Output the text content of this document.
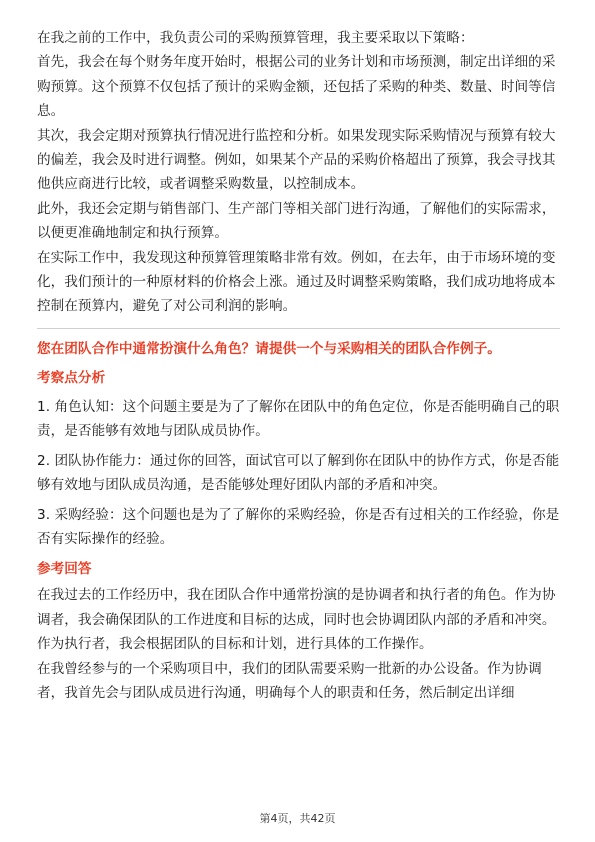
在我之前的工作中，我负责公司的采购预算管理，我主要采取以下策略：

首先，我会在每个财务年度开始时，根据公司的业务计划和市场预测，制定出详细的采购预算。这个预算不仅包括了预计的采购金额，还包括了采购的种类、数量、时间等信息。

其次，我会定期对预算执行情况进行监控和分析。如果发现实际采购情况与预算有较大的偏差，我会及时进行调整。例如，如果某个产品的采购价格超出了预算，我会寻找其他供应商进行比较，或者调整采购数量，以控制成本。

此外，我还会定期与销售部门、生产部门等相关部门进行沟通，了解他们的实际需求，以便更准确地制定和执行预算。

在实际工作中，我发现这种预算管理策略非常有效。例如，在去年，由于市场环境的变化，我们预计的一种原材料的价格会上涨。通过及时调整采购策略，我们成功地将成本控制在预算内，避免了对公司利润的影响。

您在团队合作中通常扮演什么角色？请提供一个与采购相关的团队合作例子。

考察点分析

1. 角色认知：这个问题主要是为了了解你在团队中的角色定位，你是否能明确自己的职责，是否能够有效地与团队成员协作。

2. 团队协作能力：通过你的回答，面试官可以了解到你在团队中的协作方式，你是否能够有效地与团队成员沟通，是否能够处理好团队内部的矛盾和冲突。

3. 采购经验：这个问题也是为了了解你的采购经验，你是否有过相关的工作经验，你是否有实际操作的经验。

参考回答

在我过去的工作经历中，我在团队合作中通常扮演的是协调者和执行者的角色。作为协调者，我会确保团队的工作进度和目标的达成，同时也会协调团队内部的矛盾和冲突。作为执行者，我会根据团队的目标和计划，进行具体的工作操作。

在我曾经参与的一个采购项目中，我们的团队需要采购一批新的办公设备。作为协调者，我首先会与团队成员进行沟通，明确每个人的职责和任务，然后制定出详细

第4页，共42页
